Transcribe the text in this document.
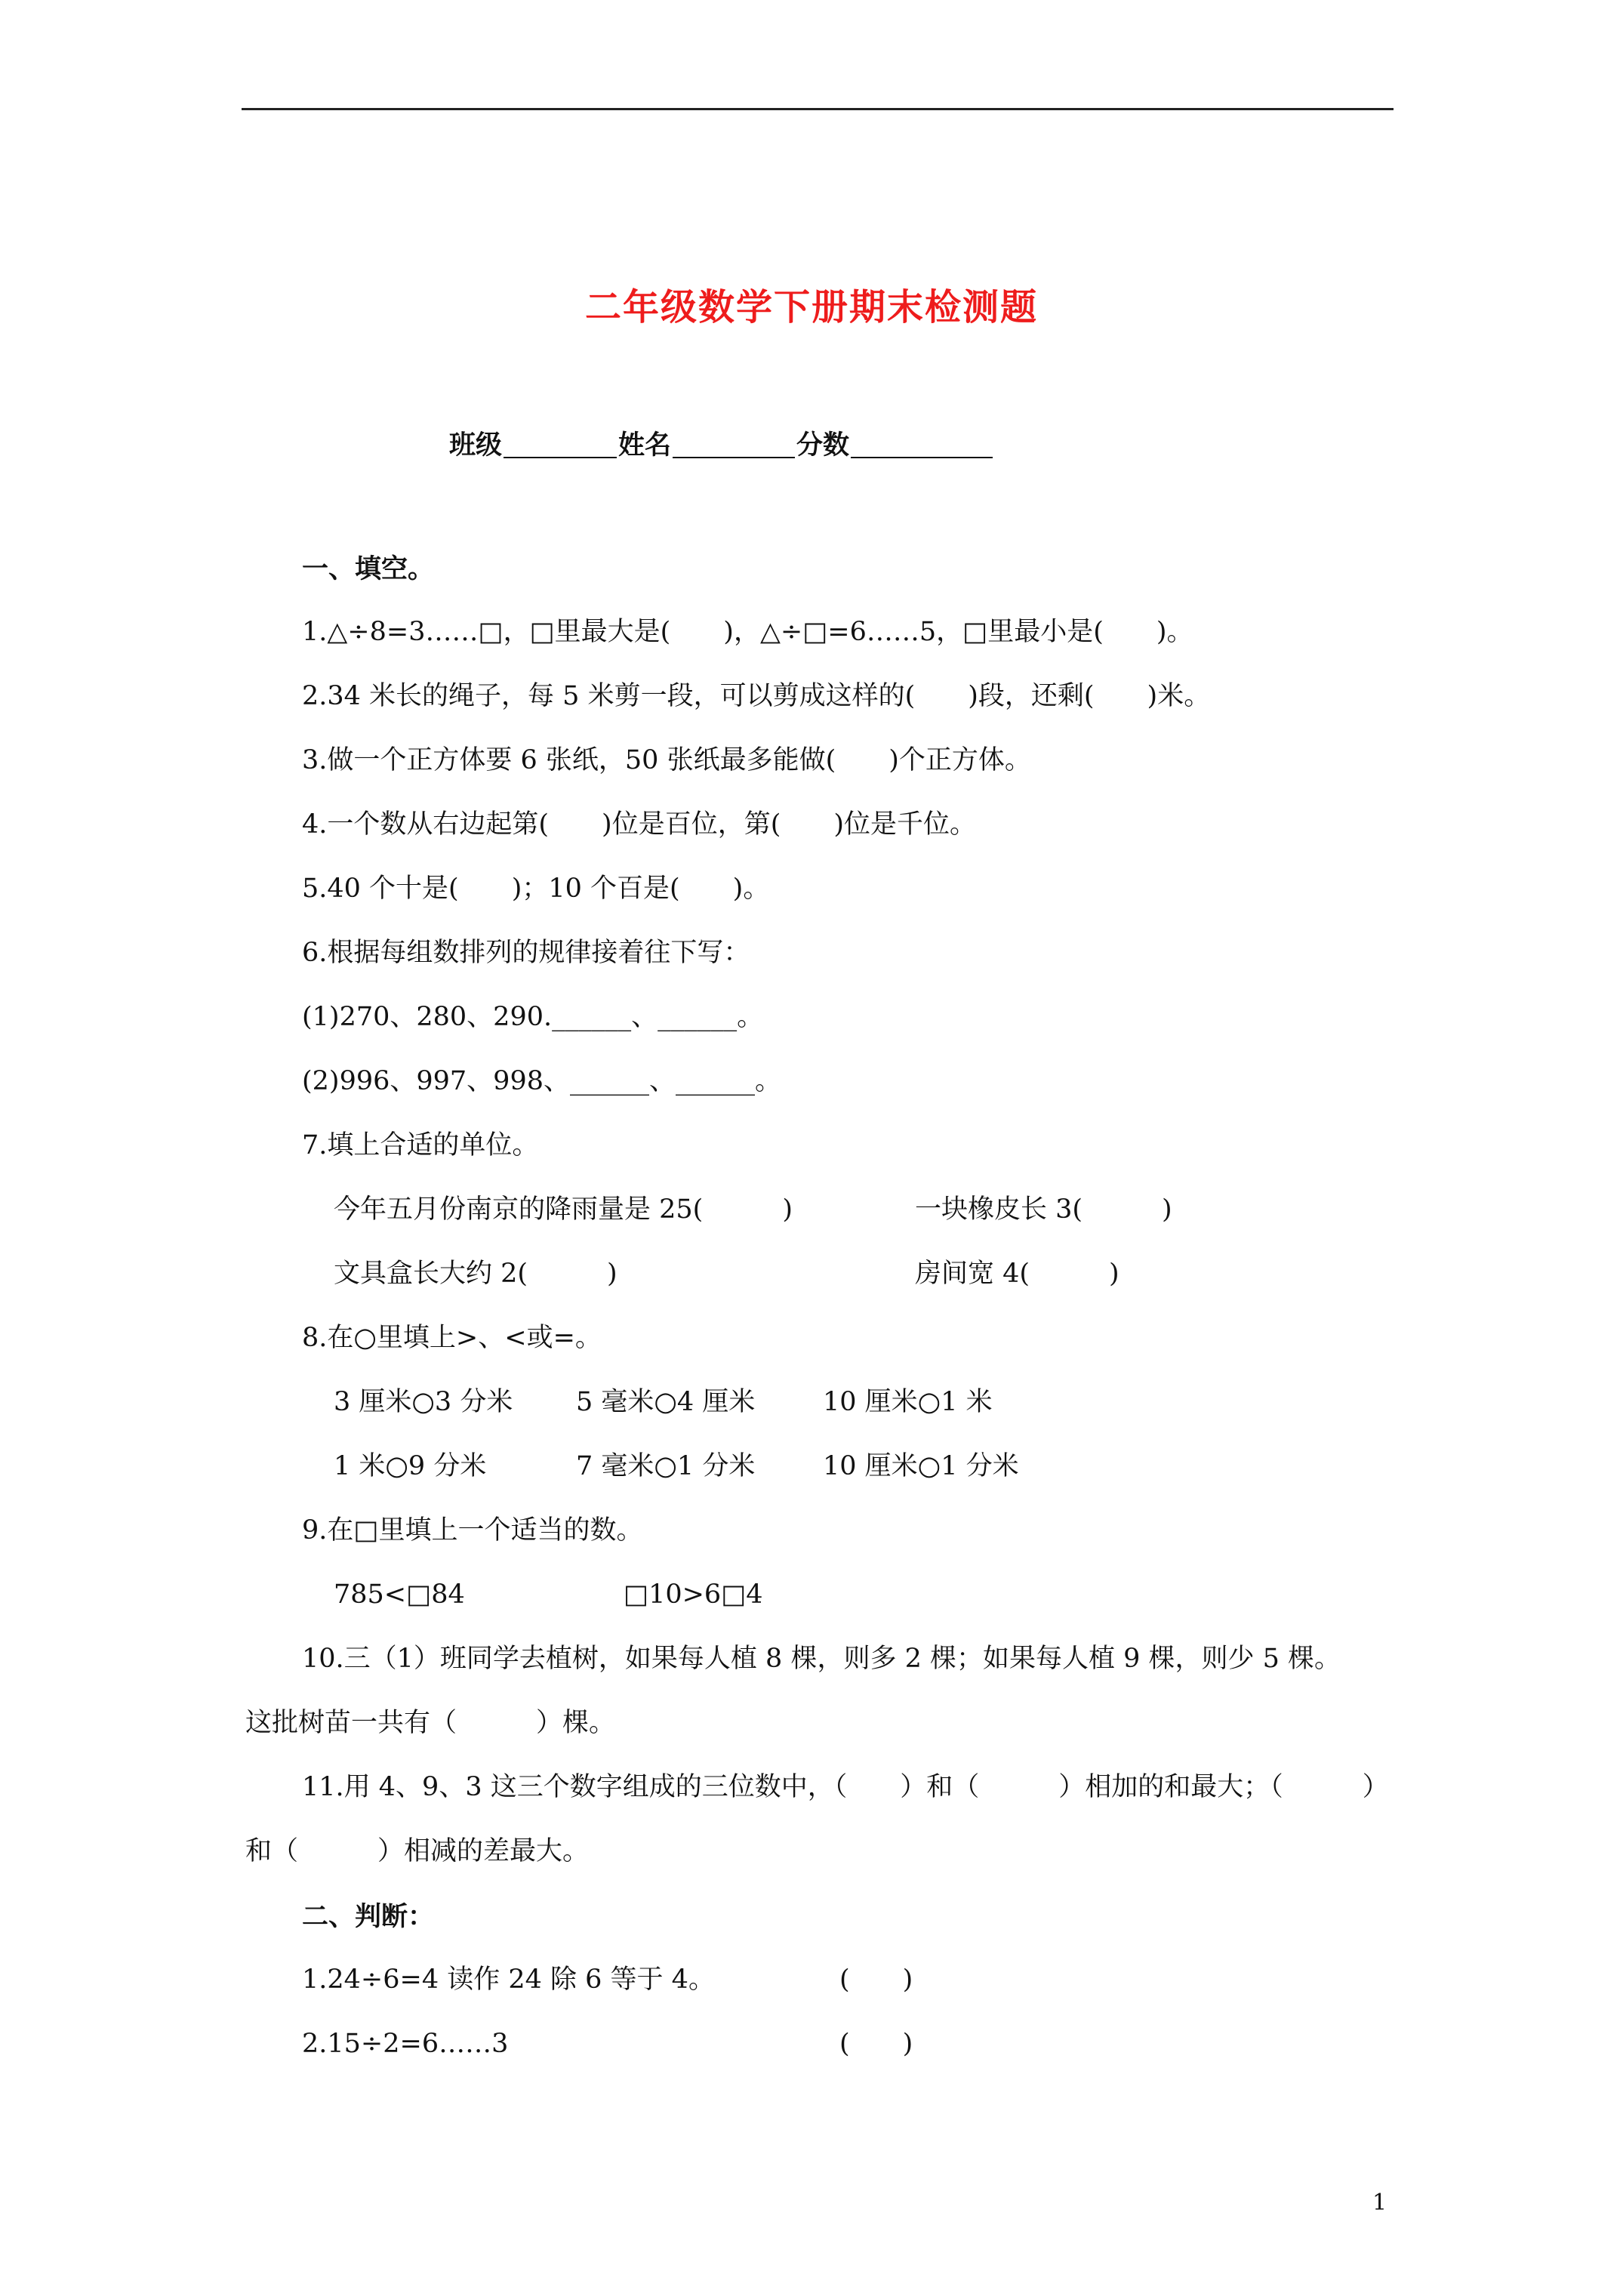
二年级数学下册期末检测题
班级	姓名	分数
一、填空。
1.△÷8=3……□，□里最大是(　　)，△÷□=6……5，□里最小是(　　)。
2.34 米长的绳子，每 5 米剪一段，可以剪成这样的(　　)段，还剩(　　)米。
3.做一个正方体要 6 张纸，50 张纸最多能做(　　)个正方体。
4.一个数从右边起第(　　)位是百位，第(　　)位是千位。
5.40 个十是(　　)；10 个百是(　　)。
6.根据每组数排列的规律接着往下写：
(1)270、280、290.______、______。
(2)996、997、998、______、______。
7.填上合适的单位。
今年五月份南京的降雨量是 25(　　　)	一块橡皮长 3(　　　)
文具盒长大约 2(　　　)	房间宽 4(　　　)
8.在○里填上>、<或=。
3 厘米○3 分米 5 毫米○4 厘米	10 厘米○1 米
1 米○9 分米	7 毫米○1 分米	10 厘米○1 分米
9.在□里填上一个适当的数。
785<□84	□10>6□4
10.三（1）班同学去植树，如果每人植 8 棵，则多 2 棵；如果每人植 9 棵，则少 5 棵。
这批树苗一共有（　　　）棵。
11.用 4、9、3 这三个数字组成的三位数中，（　　）和（　　　）相加的和最大；（　　　）
和（　　　）相减的差最大。
二、判断：
1.24÷6=4 读作 24 除 6 等于 4。	(　　)
2.15÷2=6……3	(　　)
1
